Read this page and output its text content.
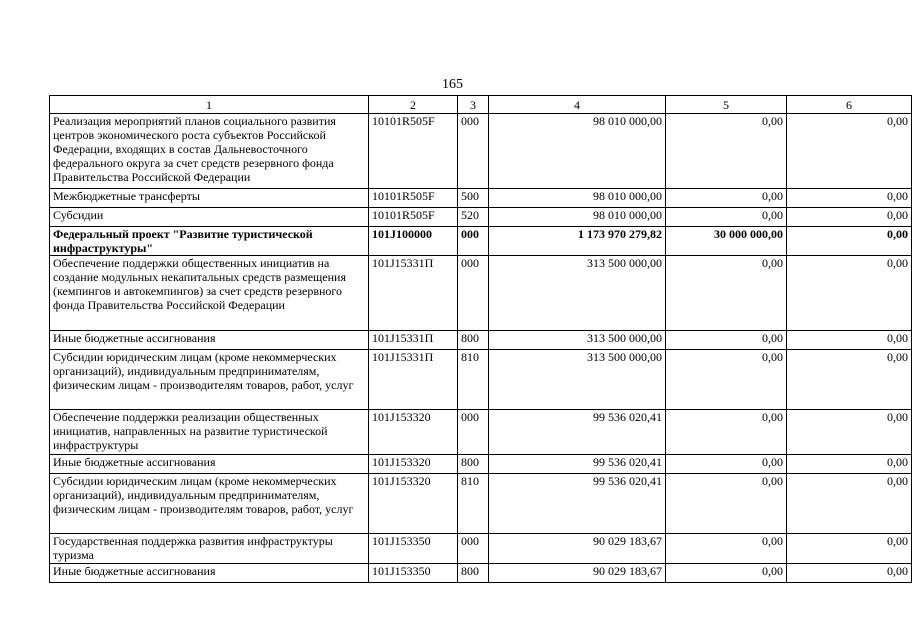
165
1	2	3	4	5	6
Реализация мероприятий планов социального развития центров экономического роста субъектов Российской Федерации, входящих в состав Дальневосточного федерального округа за счет средств резервного фонда Правительства Российской Федерации	10101R505F	000	98 010 000,00	0,00	0,00
Межбюджетные трансферты	10101R505F	500	98 010 000,00	0,00	0,00
Субсидии	10101R505F	520	98 010 000,00	0,00	0,00
Федеральный проект "Развитие туристической инфраструктуры"	101J100000	000	1 173 970 279,82	30 000 000,00	0,00
Обеспечение поддержки общественных инициатив на создание модульных некапитальных средств размещения (кемпингов и автокемпингов) за счет средств резервного фонда Правительства Российской Федерации	101J15331П	000	313 500 000,00	0,00	0,00
Иные бюджетные ассигнования	101J15331П	800	313 500 000,00	0,00	0,00
Субсидии юридическим лицам (кроме некоммерческих организаций), индивидуальным предпринимателям, физическим лицам - производителям товаров, работ, услуг	101J15331П	810	313 500 000,00	0,00	0,00
Обеспечение поддержки реализации общественных инициатив, направленных на развитие туристической инфраструктуры	101J153320	000	99 536 020,41	0,00	0,00
Иные бюджетные ассигнования	101J153320	800	99 536 020,41	0,00	0,00
Субсидии юридическим лицам (кроме некоммерческих организаций), индивидуальным предпринимателям, физическим лицам - производителям товаров, работ, услуг	101J153320	810	99 536 020,41	0,00	0,00
Государственная поддержка развития инфраструктуры туризма	101J153350	000	90 029 183,67	0,00	0,00
Иные бюджетные ассигнования	101J153350	800	90 029 183,67	0,00	0,00
